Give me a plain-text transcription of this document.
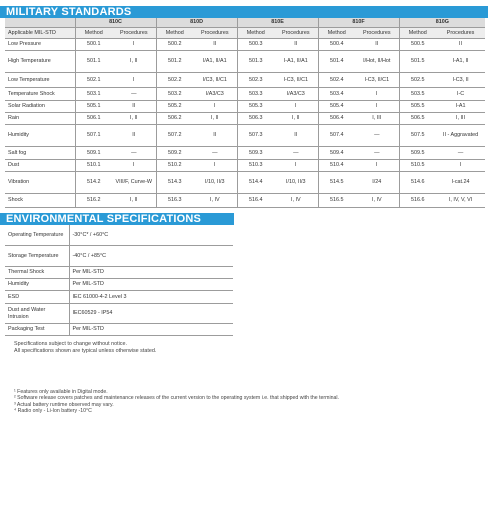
MILITARY STANDARDS
	810C		810D		810E		810F		810G	
Applicable MIL-STD	Method	Procedures	Method	Procedures	Method	Procedures	Method	Procedures	Method	Procedures
Low Pressure	500.1	I	500.2	II	500.3	II	500.4	II	500.5	II
High Temperature	501.1	I, II	501.2	I/A1, II/A1	501.3	I-A1, II/A1	501.4	I/Hot, II/Hot	501.5	I-A1, II
Low Temperature	502.1	I	502.2	I/C3, II/C1	502.3	I-C3, II/C1	502.4	I-C3, II/C1	502.5	I-C3, II
Temperature Shock	503.1	—	503.2	I/A3/C3	503.3	I/A3/C3	503.4	I	503.5	I-C
Solar Radiation	505.1	II	505.2	I	505.3	I	505.4	I	505.5	I-A1
Rain	506.1	I, II	506.2	I, II	506.3	I, II	506.4	I, III	506.5	I, III
Humidity	507.1	II	507.2	II	507.3	II	507.4	—	507.5	II - Aggravated
Salt fog	509.1	—	509.2	—	509.3	—	509.4	—	509.5	—
Dust	510.1	I	510.2	I	510.3	I	510.4	I	510.5	I
Vibration	514.2	VIII/F, Curve-W	514.3	I/10, II/3	514.4	I/10, II/3	514.5	I/24	514.6	I-cat.24
Shock	516.2	I, II	516.3	I, IV	516.4	I, IV	516.5	I, IV	516.6	I, IV, V, VI
ENVIRONMENTAL SPECIFICATIONS
Operating Temperature	-30°C* / +60°C
Storage Temperature	-40°C / +85°C
Thermal Shock	Per MIL-STD
Humidity	Per MIL-STD
ESD	IEC 61000-4-2 Level 3
Dust and Water Intrusion	IEC60529 - IP54
Packaging Test	Per MIL-STD
Specifications subject to change without notice.
All specifications shown are typical unless otherwise stated.
¹ Features only available in Digital mode.
² Software release covers patches and maintenance releases of the current version to the operating system i.e. that shipped with the terminal.
³ Actual battery runtime observed may vary.
⁴ Radio only - Li-Ion battery -10°C
